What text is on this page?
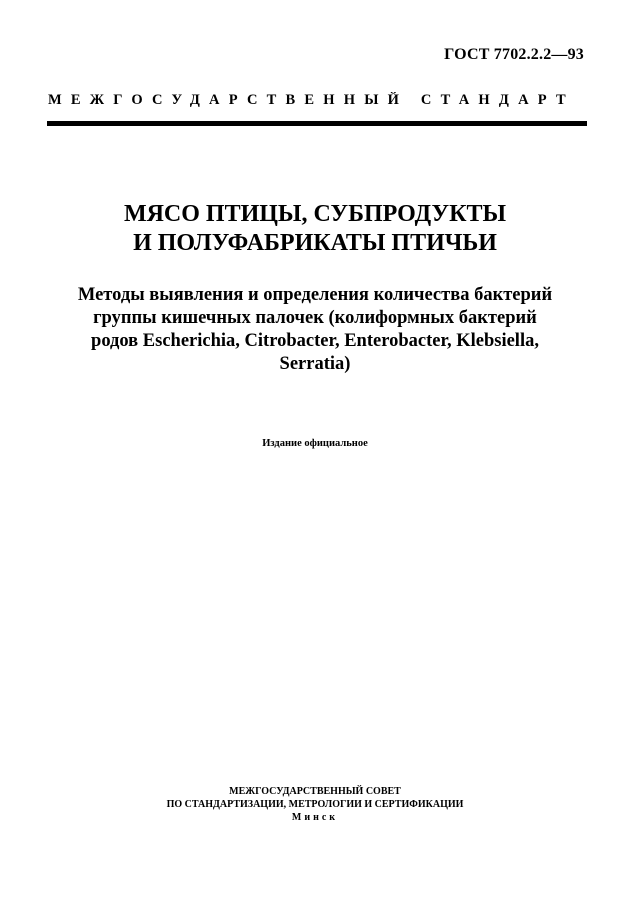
ГОСТ 7702.2.2—93
МЕЖГОСУДАРСТВЕННЫЙ СТАНДАРТ
МЯСО ПТИЦЫ, СУБПРОДУКТЫ
И ПОЛУФАБРИКАТЫ ПТИЧЬИ
Методы выявления и определения количества бактерий
группы кишечных палочек (колиформных бактерий
родов Escherichia, Citrobacter, Enterobacter, Klebsiella,
Serratia)
Издание официальное
МЕЖГОСУДАРСТВЕННЫЙ СОВЕТ
ПО СТАНДАРТИЗАЦИИ, МЕТРОЛОГИИ И СЕРТИФИКАЦИИ
Минск
